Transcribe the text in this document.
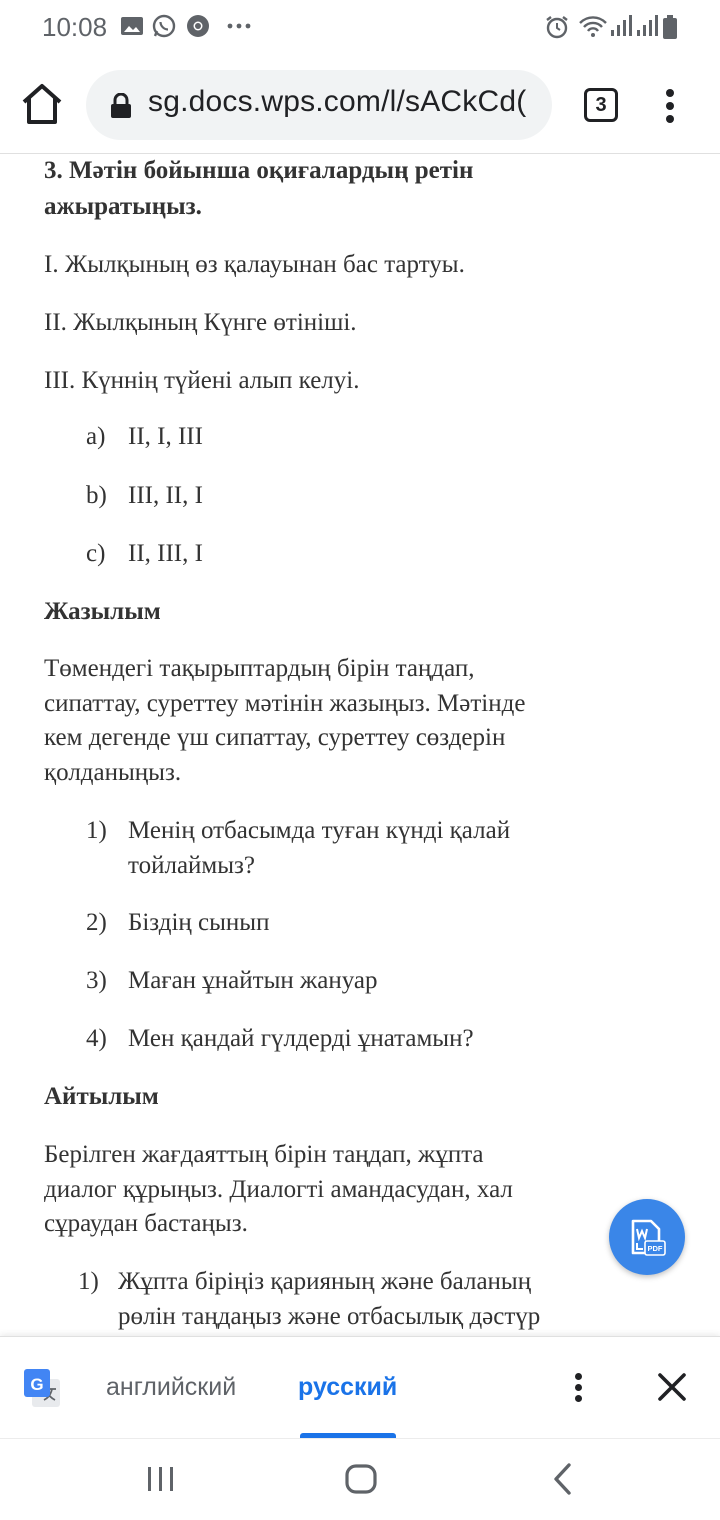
10:08
sg.docs.wps.com/l/sACkCd(	3

3. Мәтін бойынша оқиғалардың ретін

ажыратыңыз.

I. Жылқының өз қалауынан бас тартуы.

II. Жылқының Күнге өтініші.

III. Күннің түйені алып келуі.

a) II, I, III
b) III, II, I
c) II, III, I

Жазылым

Төмендегі тақырыптардың бірін таңдап,

сипаттау, суреттеу мәтінін жазыңыз. Мәтінде

кем дегенде үш сипаттау, суреттеу сөздерін

қолданыңыз.

1) Менің отбасымда туған күнді қалай
тойлаймыз?
2) Біздің сынып
3) Маған ұнайтын жануар
4) Мен қандай гүлдерді ұнатамын?

Айтылым

Берілген жағдаяттың бірін таңдап, жұпта

диалог құрыңыз. Диалогті амандасудан, хал

сұраудан бастаңыз.

1) Жұпта біріңіз қарияның және баланың
рөлін таңдаңыз және отбасылық дәстүр
PDF
G английский русский
